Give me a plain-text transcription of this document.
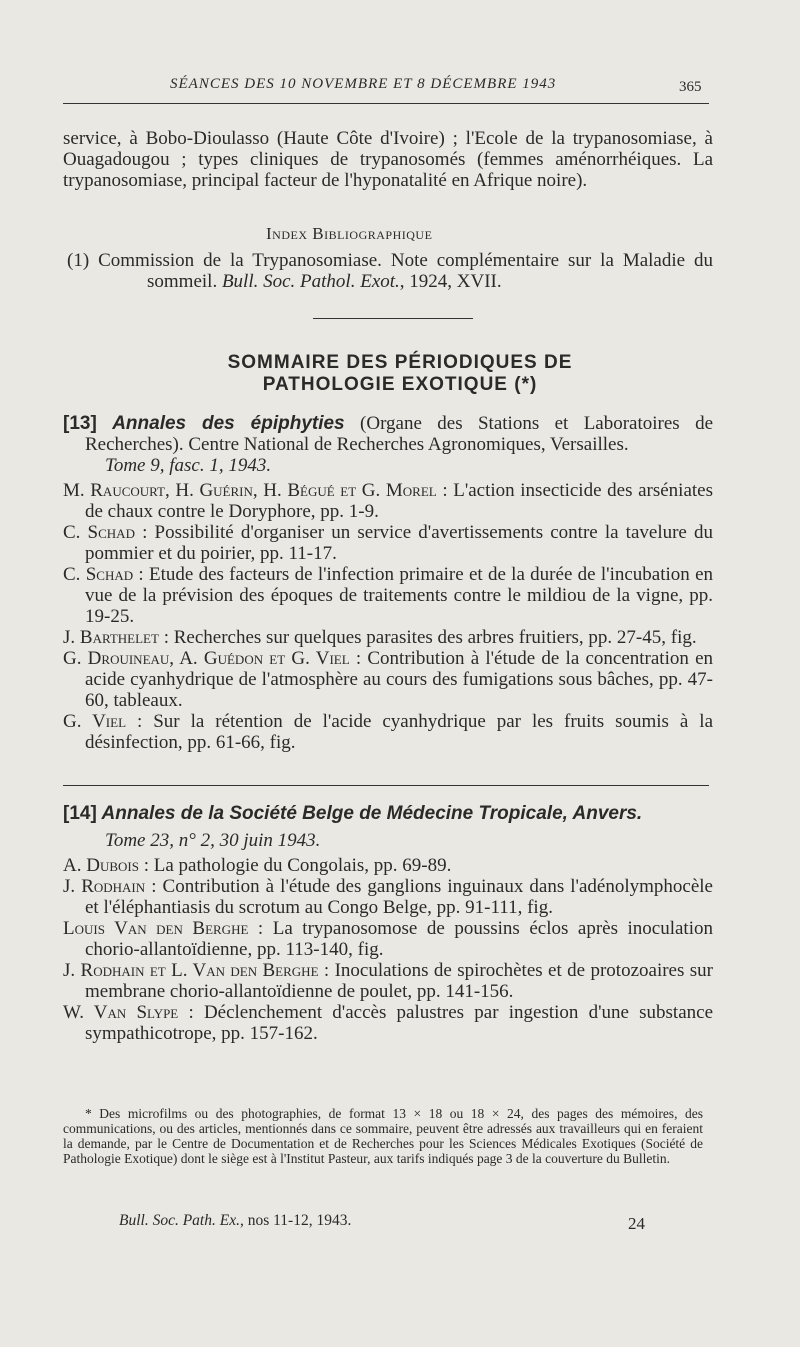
SÉANCES DES 10 NOVEMBRE ET 8 DÉCEMBRE 1943	365

service, à Bobo-Dioulasso (Haute Côte d'Ivoire) ; l'Ecole de la trypanosomiase, à Ouagadougou ; types cliniques de trypanosomés (femmes aménorrhéiques. La trypanosomiase, principal facteur de l'hyponatalité en Afrique noire).

Index Bibliographique

(1) Commission de la Trypanosomiase. Note complémentaire sur la Maladie du sommeil. Bull. Soc. Pathol. Exot., 1924, XVII.

SOMMAIRE DES PÉRIODIQUES DE
PATHOLOGIE EXOTIQUE (*)

[13] Annales des épiphyties (Organe des Stations et Laboratoires de Recherches). Centre National de Recherches Agronomiques, Versailles.

Tome 9, fasc. 1, 1943.

M. Raucourt, H. Guérin, H. Bégué et G. Morel : L'action insecticide des arséniates de chaux contre le Doryphore, pp. 1-9.

C. Schad : Possibilité d'organiser un service d'avertissements contre la tavelure du pommier et du poirier, pp. 11-17.

C. Schad : Etude des facteurs de l'infection primaire et de la durée de l'incubation en vue de la prévision des époques de traitements contre le mildiou de la vigne, pp. 19-25.

J. Barthelet : Recherches sur quelques parasites des arbres fruitiers, pp. 27-45, fig.

G. Drouineau, A. Guédon et G. Viel : Contribution à l'étude de la concentration en acide cyanhydrique de l'atmosphère au cours des fumigations sous bâches, pp. 47-60, tableaux.

G. Viel : Sur la rétention de l'acide cyanhydrique par les fruits soumis à la désinfection, pp. 61-66, fig.

[14] Annales de la Société Belge de Médecine Tropicale, Anvers.

Tome 23, n° 2, 30 juin 1943.

A. Dubois : La pathologie du Congolais, pp. 69-89.

J. Rodhain : Contribution à l'étude des ganglions inguinaux dans l'adénolymphocèle et l'éléphantiasis du scrotum au Congo Belge, pp. 91-111, fig.

Louis Van den Berghe : La trypanosomose de poussins éclos après inoculation chorio-allantoïdienne, pp. 113-140, fig.

J. Rodhain et L. Van den Berghe : Inoculations de spirochètes et de protozoaires sur membrane chorio-allantoïdienne de poulet, pp. 141-156.

W. Van Slype : Déclenchement d'accès palustres par ingestion d'une substance sympathicotrope, pp. 157-162.

* Des microfilms ou des photographies, de format 13 × 18 ou 18 × 24, des pages des mémoires, des communications, ou des articles, mentionnés dans ce sommaire, peuvent être adressés aux travailleurs qui en feraient la demande, par le Centre de Documentation et de Recherches pour les Sciences Médicales Exotiques (Société de Pathologie Exotique) dont le siège est à l'Institut Pasteur, aux tarifs indiqués page 3 de la couverture du Bulletin.
Bull. Soc. Path. Ex., nos 11-12, 1943.	24
